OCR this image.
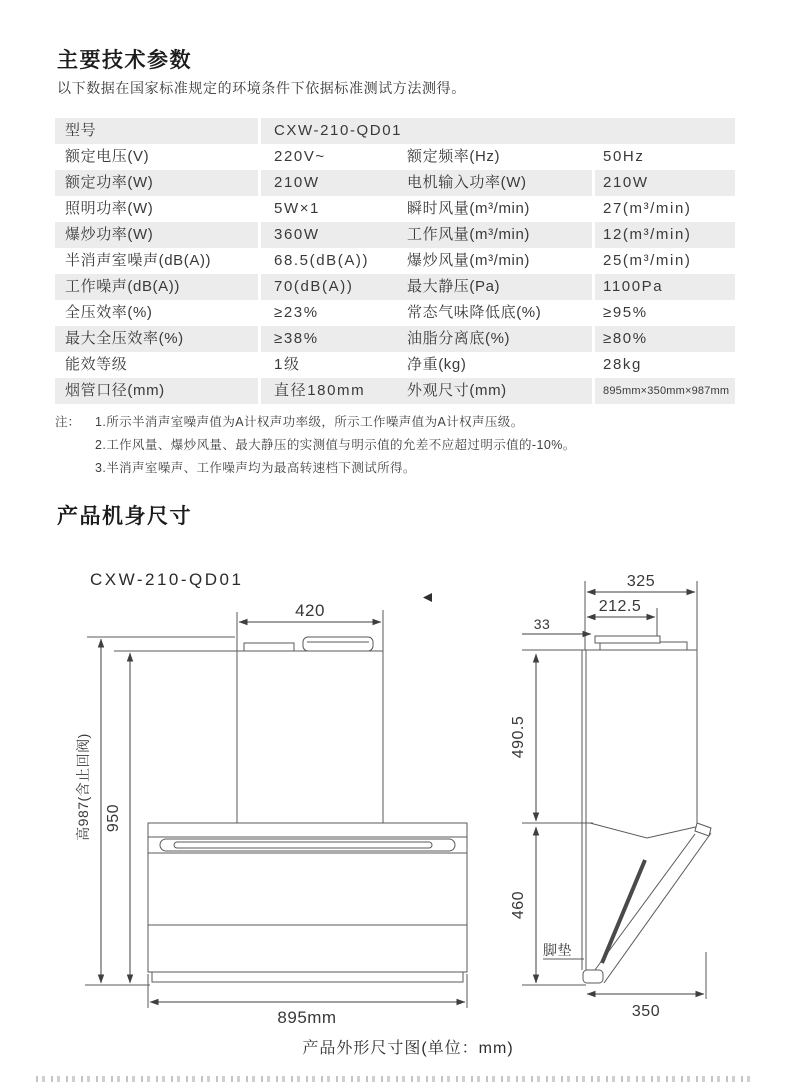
主要技术参数
以下数据在国家标准规定的环境条件下依据标准测试方法测得。
型号	CXW-210-QD01
额定电压(V)	220V~	额定频率(Hz)	50Hz
额定功率(W)	210W	电机输入功率(W)	210W
照明功率(W)	5W×1	瞬时风量(m³/min)	27(m³/min)
爆炒功率(W)	360W	工作风量(m³/min)	12(m³/min)
半消声室噪声(dB(A))	68.5(dB(A))	爆炒风量(m³/min)	25(m³/min)
工作噪声(dB(A))	70(dB(A))	最大静压(Pa)	1100Pa
全压效率(%)	≥23%	常态气味降低底(%)	≥95%
最大全压效率(%)	≥38%	油脂分离底(%)	≥80%
能效等级	1级	净重(kg)	28kg
烟管口径(mm)	直径180mm	外观尺寸(mm)	895mm×350mm×987mm
注：	1.所示半消声室噪声值为A计权声功率级，所示工作噪声值为A计权声压级。
2.工作风量、爆炒风量、最大静压的实测值与明示值的允差不应超过明示值的-10%。
3.半消声室噪声、工作噪声均为最高转速档下测试所得。
产品机身尺寸
CXW-210-QD01
420
高987(含止回阀) 950
895mm
325
212.5
33
490.5
460
脚垫
350
产品外形尺寸图(单位：mm)
